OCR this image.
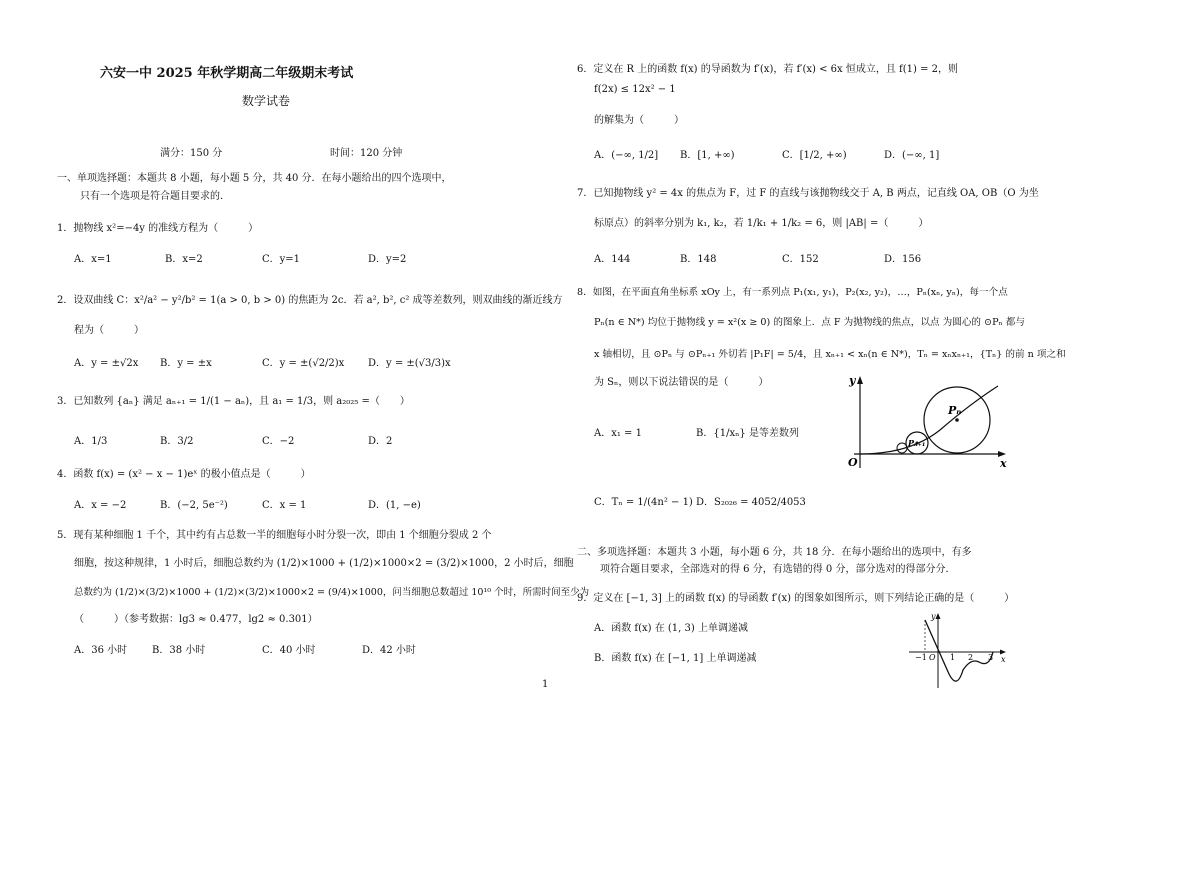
六安一中 2025 年秋学期高二年级期末考试
数学试卷
满分：150 分	时间：120 分钟
一、单项选择题：本题共 8 小题，每小题 5 分，共 40 分．在每小题给出的四个选项中，
只有一个选项是符合题目要求的．
1．抛物线 x²=−4y 的准线方程为（　　　）
A．x=1	B．x=2	C．y=1	D．y=2
2．设双曲线 C：x²/a² − y²/b² = 1(a > 0, b > 0) 的焦距为 2c．若 a², b², c² 成等差数列，则双曲线的渐近线方
程为（　　　）
A．y = ±√2x B．y = ±x	C．y = ±(√2/2)x D．y = ±(√3/3)x
3．已知数列 {aₙ} 满足 aₙ₊₁ = 1/(1 − aₙ)，且 a₁ = 1/3，则 a₂₀₂₅ =（　　）
A．1/3	B．3/2	C．−2	D．2
4．函数 f(x) = (x² − x − 1)eˣ 的极小值点是（　　　）
A．x = −2	B．(−2, 5e⁻²)	C．x = 1	D．(1, −e)
5．现有某种细胞 1 千个，其中约有占总数一半的细胞每小时分裂一次，即由 1 个细胞分裂成 2 个
细胞，按这种规律，1 小时后，细胞总数约为 (1/2)×1000 + (1/2)×1000×2 = (3/2)×1000，2 小时后，细胞
总数约为 (1/2)×(3/2)×1000 + (1/2)×(3/2)×1000×2 = (9/4)×1000，问当细胞总数超过 10¹⁰ 个时，所需时间至少为
（　　　）（参考数据：lg3 ≈ 0.477，lg2 ≈ 0.301）
A．36 小时 B．38 小时	C．40 小时	D．42 小时
1
6．定义在 R 上的函数 f(x) 的导函数为 f′(x)，若 f′(x) < 6x 恒成立，且 f(1) = 2，则
f(2x) ≤ 12x² − 1
的解集为（　　　）
A．(−∞, 1/2] B．[1, +∞)	C．[1/2, +∞)	D．(−∞, 1]
7．已知抛物线 y² = 4x 的焦点为 F，过 F 的直线与该抛物线交于 A, B 两点，记直线 OA, OB（O 为坐
标原点）的斜率分别为 k₁, k₂，若 1/k₁ + 1/k₂ = 6，则 |AB| =（　　　）
A．144	B．148	C．152	D．156
8．如图，在平面直角坐标系 xOy 上，有一系列点 P₁(x₁, y₁)，P₂(x₂, y₂)，…，Pₙ(xₙ, yₙ)，每一个点
Pₙ(n ∈ N*) 均位于抛物线 y = x²(x ≥ 0) 的图象上．点 F 为抛物线的焦点，以点 为圆心的 ⊙Pₙ 都与
x 轴相切，且 ⊙Pₙ 与 ⊙Pₙ₊₁ 外切若 |P₁F| = 5/4，且 xₙ₊₁ < xₙ(n ∈ N*)，Tₙ = xₙxₙ₊₁，{Tₙ} 的前 n 项之和
为 Sₙ，则以下说法错误的是（　　　）
A．x₁ = 1	B．{1/xₙ} 是等差数列
C．Tₙ = 1/(4n² − 1) D．S₂₀₂₆ = 4052/4053
y
x
O
Pₙ
Pₙ₊₁
二、多项选择题：本题共 3 小题，每小题 6 分，共 18 分．在每小题给出的选项中，有多
项符合题目要求，全部选对的得 6 分，有选错的得 0 分，部分选对的得部分分．
9．定义在 [−1, 3] 上的函数 f(x) 的导函数 f′(x) 的图象如图所示，则下列结论正确的是（　　　）
A．函数 f(x) 在 (1, 3) 上单调递减
B．函数 f(x) 在 [−1, 1] 上单调递减
y
x
O
−1	1 2 3
